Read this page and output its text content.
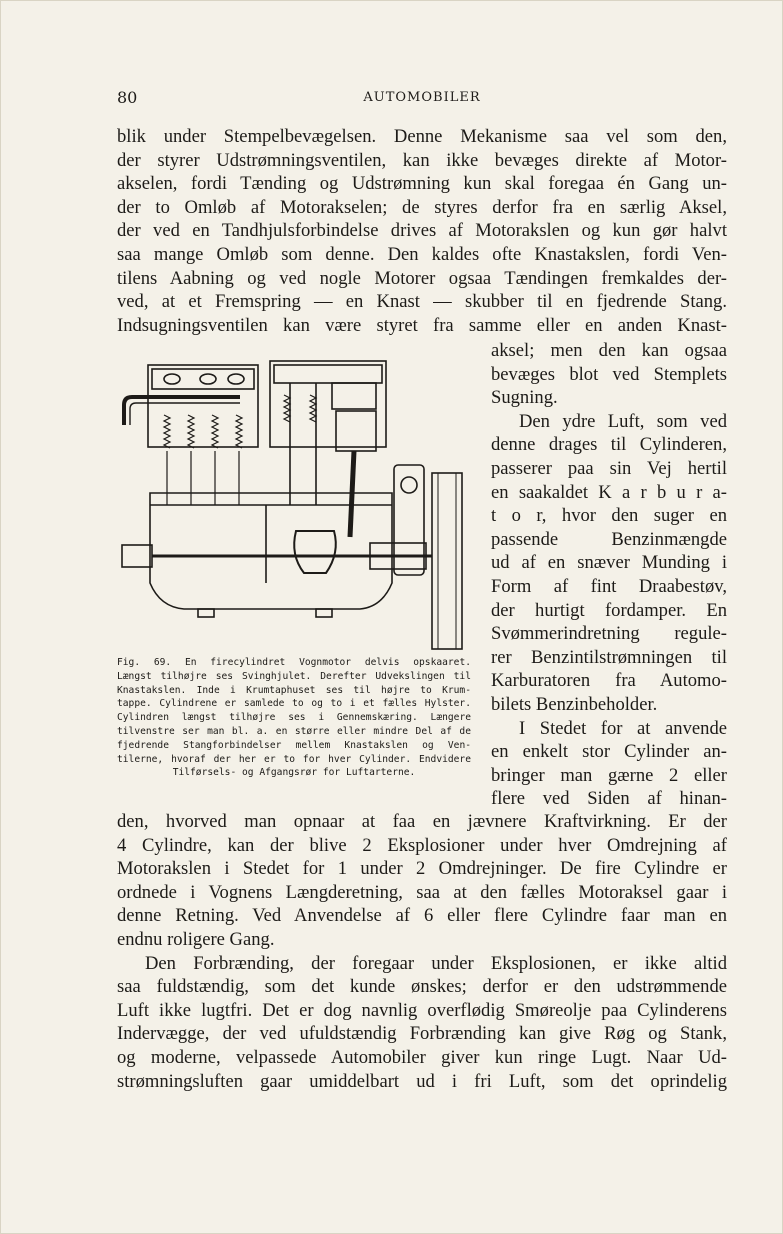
80	AUTOMOBILER
blik under Stempelbevægelsen. Denne Mekanisme saa vel som den,
der styrer Udstrømningsventilen, kan ikke bevæges direkte af Motor-
akselen, fordi Tænding og Udstrømning kun skal foregaa én Gang un-
der to Omløb af Motorakselen; de styres derfor fra en særlig Aksel,
der ved en Tandhjulsforbindelse drives af Motorakslen og kun gør halvt
saa mange Omløb som denne. Den kaldes ofte Knastakslen, fordi Ven-
tilens Aabning og ved nogle Motorer ogsaa Tændingen fremkaldes der-
ved, at et Fremspring — en Knast — skubber til en fjedrende Stang.
Indsugningsventilen kan være styret fra samme eller en anden Knast-
aksel; men den kan ogsaa
bevæges blot ved Stemplets
Sugning.
Den ydre Luft, som ved
denne drages til Cylinderen,
passerer paa sin Vej hertil
en saakaldet K a r b u r a-
t o r, hvor den suger en
passende Benzinmængde
ud af en snæver Munding i
Form af fint Draabestøv,
der hurtigt fordamper. En
Svømmerindretning regule-
rer Benzintilstrømningen til
Karburatoren fra Automo-
bilets Benzinbeholder.
I Stedet for at anvende
en enkelt stor Cylinder an-
bringer man gærne 2 eller
flere ved Siden af hinan-
Fig. 69. En firecylindret Vognmotor delvis opskaaret.
Længst tilhøjre ses Svinghjulet. Derefter Udvekslingen til
Knastakslen. Inde i Krumtaphuset ses til højre to Krum-
tappe. Cylindrene er samlede to og to i et fælles Hylster.
Cylindren længst tilhøjre ses i Gennemskæring. Længere
tilvenstre ser man bl. a. en større eller mindre Del af de
fjedrende Stangforbindelser mellem Knastakslen og Ven-
tilerne, hvoraf der her er to for hver Cylinder. Endvidere
Tilførsels- og Afgangsrør for Luftarterne.
den, hvorved man opnaar at faa en jævnere Kraftvirkning. Er der
4 Cylindre, kan der blive 2 Eksplosioner under hver Omdrejning af
Motorakslen i Stedet for 1 under 2 Omdrejninger. De fire Cylindre er
ordnede i Vognens Længderetning, saa at den fælles Motoraksel gaar i
denne Retning. Ved Anvendelse af 6 eller flere Cylindre faar man en
endnu roligere Gang.
Den Forbrænding, der foregaar under Eksplosionen, er ikke altid
saa fuldstændig, som det kunde ønskes; derfor er den udstrømmende
Luft ikke lugtfri. Det er dog navnlig overflødig Smøreolje paa Cylinderens
Indervægge, der ved ufuldstændig Forbrænding kan give Røg og Stank,
og moderne, velpassede Automobiler giver kun ringe Lugt. Naar Ud-
strømningsluften gaar umiddelbart ud i fri Luft, som det oprindelig
